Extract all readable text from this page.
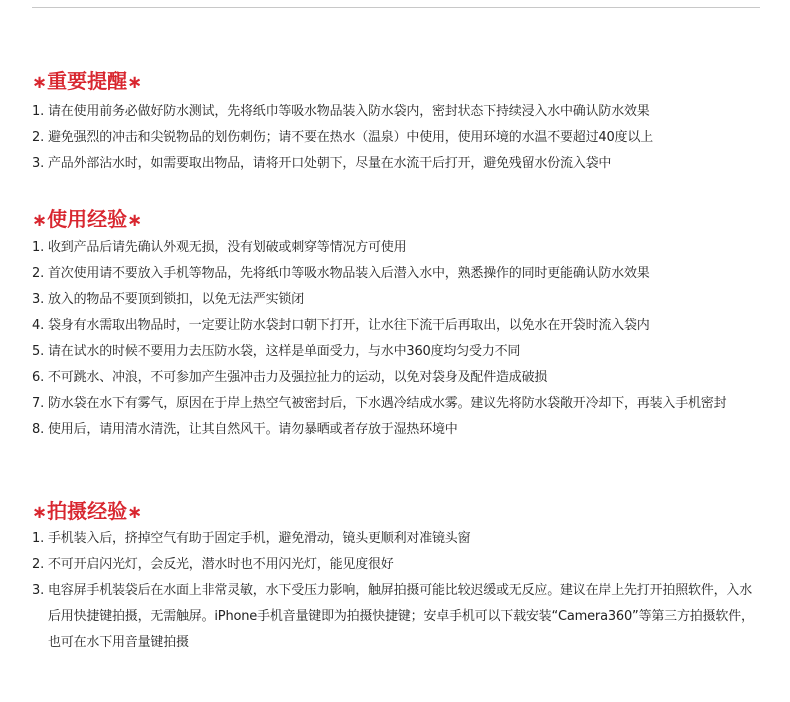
∗重要提醒∗
1. 请在使用前务必做好防水测试，先将纸巾等吸水物品装入防水袋内，密封状态下持续浸入水中确认防水效果
2. 避免强烈的冲击和尖锐物品的划伤刺伤；请不要在热水（温泉）中使用，使用环境的水温不要超过40度以上
3. 产品外部沾水时，如需要取出物品，请将开口处朝下，尽量在水流干后打开，避免残留水份流入袋中
∗使用经验∗
1. 收到产品后请先确认外观无损，没有划破或刺穿等情况方可使用
2. 首次使用请不要放入手机等物品，先将纸巾等吸水物品装入后潜入水中，熟悉操作的同时更能确认防水效果
3. 放入的物品不要顶到锁扣，以免无法严实锁闭
4. 袋身有水需取出物品时，一定要让防水袋封口朝下打开，让水往下流干后再取出，以免水在开袋时流入袋内
5. 请在试水的时候不要用力去压防水袋，这样是单面受力，与水中360度均匀受力不同
6. 不可跳水、冲浪，不可参加产生强冲击力及强拉扯力的运动，以免对袋身及配件造成破损
7. 防水袋在水下有雾气，原因在于岸上热空气被密封后，下水遇冷结成水雾。建议先将防水袋敞开冷却下，再装入手机密封
8. 使用后，请用清水清洗，让其自然风干。请勿暴晒或者存放于湿热环境中
∗拍摄经验∗
1. 手机装入后，挤掉空气有助于固定手机，避免滑动，镜头更顺利对准镜头窗
2. 不可开启闪光灯，会反光，潜水时也不用闪光灯，能见度很好
3. 电容屏手机装袋后在水面上非常灵敏，水下受压力影响，触屏拍摄可能比较迟缓或无反应。建议在岸上先打开拍照软件，入水后用快捷键拍摄，无需触屏。iPhone手机音量键即为拍摄快捷键；安卓手机可以下载安装“Camera360”等第三方拍摄软件，也可在水下用音量键拍摄
